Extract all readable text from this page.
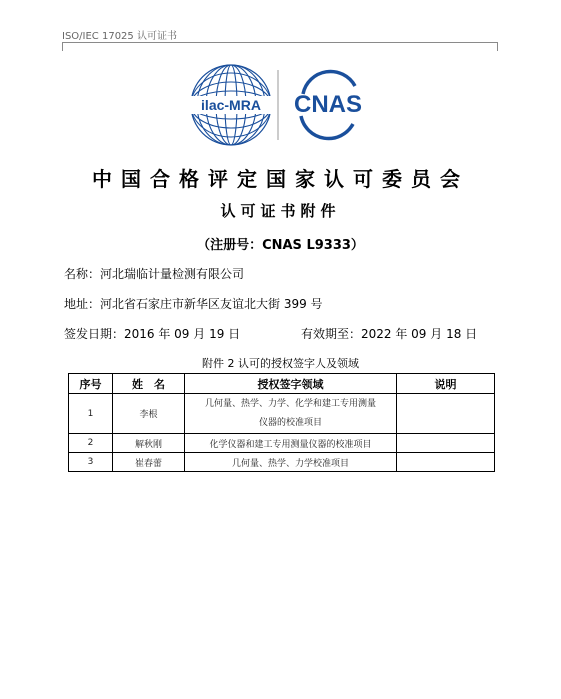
ISO/IEC 17025 认可证书
ilac-MRA CNAS
中国合格评定国家认可委员会
认可证书附件
（注册号：CNAS L9333）
名称：河北瑞临计量检测有限公司
地址：河北省石家庄市新华区友谊北大街 399 号
签发日期：2016 年 09 月 19 日	有效期至：2022 年 09 月 18 日
附件 2 认可的授权签字人及领域
序号	姓　名	授权签字领域	说明
1	李根	几何量、热学、力学、化学和建工专用测量
仪器的校准项目	

2	解秋刚	化学仪器和建工专用测量仪器的校准项目	
3	崔春蕾	几何量、热学、力学校准项目	
